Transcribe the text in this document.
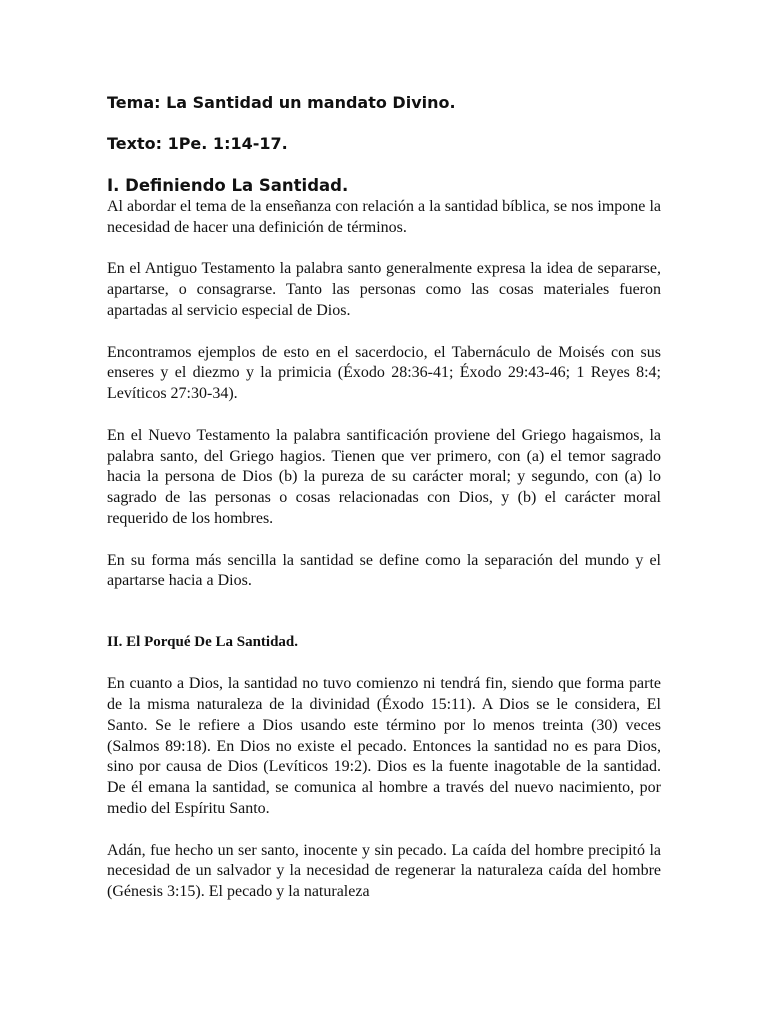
Tema: La Santidad un mandato Divino.
Texto: 1Pe. 1:14-17.
I. Definiendo La Santidad.

Al abordar el tema de la enseñanza con relación a la santidad bíblica, se nos impone la necesidad de hacer una definición de términos.

En el Antiguo Testamento la palabra santo generalmente expresa la idea de separarse, apartarse, o consagrarse. Tanto las personas como las cosas materiales fueron apartadas al servicio especial de Dios.

Encontramos ejemplos de esto en el sacerdocio, el Tabernáculo de Moisés con sus enseres y el diezmo y la primicia (Éxodo 28:36-41; Éxodo 29:43-46; 1 Reyes 8:4; Levíticos 27:30-34).

En el Nuevo Testamento la palabra santificación proviene del Griego hagaismos, la palabra santo, del Griego hagios. Tienen que ver primero, con (a) el temor sagrado hacia la persona de Dios (b) la pureza de su carácter moral; y segundo, con (a) lo sagrado de las personas o cosas relacionadas con Dios, y (b) el carácter moral requerido de los hombres.

En su forma más sencilla la santidad se define como la separación del mundo y el apartarse hacia a Dios.

II. El Porqué De La Santidad.

En cuanto a Dios, la santidad no tuvo comienzo ni tendrá fin, siendo que forma parte de la misma naturaleza de la divinidad (Éxodo 15:11). A Dios se le considera, El Santo. Se le refiere a Dios usando este término por lo menos treinta (30) veces (Salmos 89:18). En Dios no existe el pecado. Entonces la santidad no es para Dios, sino por causa de Dios (Levíticos 19:2). Dios es la fuente inagotable de la santidad. De él emana la santidad, se comunica al hombre a través del nuevo nacimiento, por medio del Espíritu Santo.

Adán, fue hecho un ser santo, inocente y sin pecado. La caída del hombre precipitó la necesidad de un salvador y la necesidad de regenerar la naturaleza caída del hombre (Génesis 3:15). El pecado y la naturaleza
